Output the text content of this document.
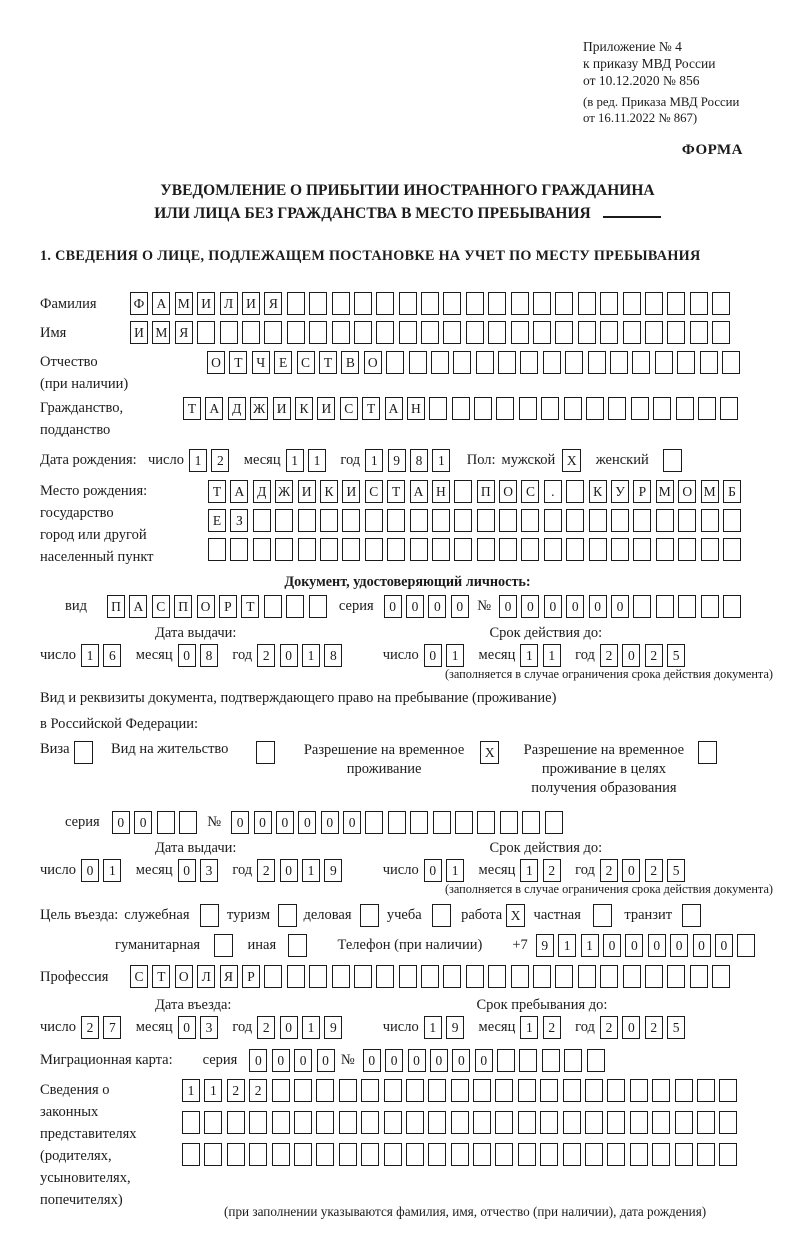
Приложение № 4
к приказу МВД России
от 10.12.2020 № 856
(в ред. Приказа МВД России
от 16.11.2022 № 867)
ФОРМА
УВЕДОМЛЕНИЕ О ПРИБЫТИИ ИНОСТРАННОГО ГРАЖДАНИНА
ИЛИ ЛИЦА БЕЗ ГРАЖДАНСТВА В МЕСТО ПРЕБЫВАНИЯ
1. СВЕДЕНИЯ О ЛИЦЕ, ПОДЛЕЖАЩЕМ ПОСТАНОВКЕ НА УЧЕТ ПО МЕСТУ ПРЕБЫВАНИЯ
Фамилия	Ф А М И Л И Я
Имя	И М Я
Отчество
(при наличии)
О Т	Ч	Е	С	Т	В О
Гражданство,
подданство
Т А Д Ж И К И С	Т А Н
Дата рождения: число 1	2	месяц 1	1	год 1	9	8	1	Пол: мужской X	женский
Место рождения:
государство
город или другой
населенный пункт
Т А Д Ж И К И С	Т А Н	П О С	.	К У	Р М О М Б
Е	З
Документ, удостоверяющий личность:
вид	П А С П О	Р	Т	серия	0	0	0	0 №	0	0	0	0	0	0
Дата выдачи:	Срок действия до:
число 1	6	месяц 0	8	год 2	0	1	8	число 0	1	месяц 1	1	год 2	0	2	5
(заполняется в случае ограничения срока действия документа)
Вид и реквизиты документа, подтверждающего право на пребывание (проживание)
в Российской Федерации:
Виза	Вид на жительство	Разрешение на временное
проживание
X	Разрешение на временное
проживание в целях
получения образования
серия	0	0	№	0	0	0	0	0	0
Дата выдачи:	Срок действия до:
число 0	1	месяц 0	3	год 2	0	1	9	число 0	1	месяц 1	2	год 2	0	2	5
(заполняется в случае ограничения срока действия документа)
Цель въезда: служебная	туризм деловая учеба	работа X частная	транзит
гуманитарная	иная	Телефон (при наличии) +7	9	1	1	0	0	0	0	0	0
Профессия	С	Т О Л Я	Р
Дата въезда:	Срок пребывания до:
число 2	7	месяц 0	3	год 2	0	1	9	число 1	9	месяц 1	2	год 2	0	2	5
Миграционная карта: серия	0	0	0	0 №	0	0	0	0	0	0
Сведения о
законных
представителях
(родителях,
усыновителях,
попечителях)
1	1	2	2
(при заполнении указываются фамилия, имя, отчество (при наличии), дата рождения)
